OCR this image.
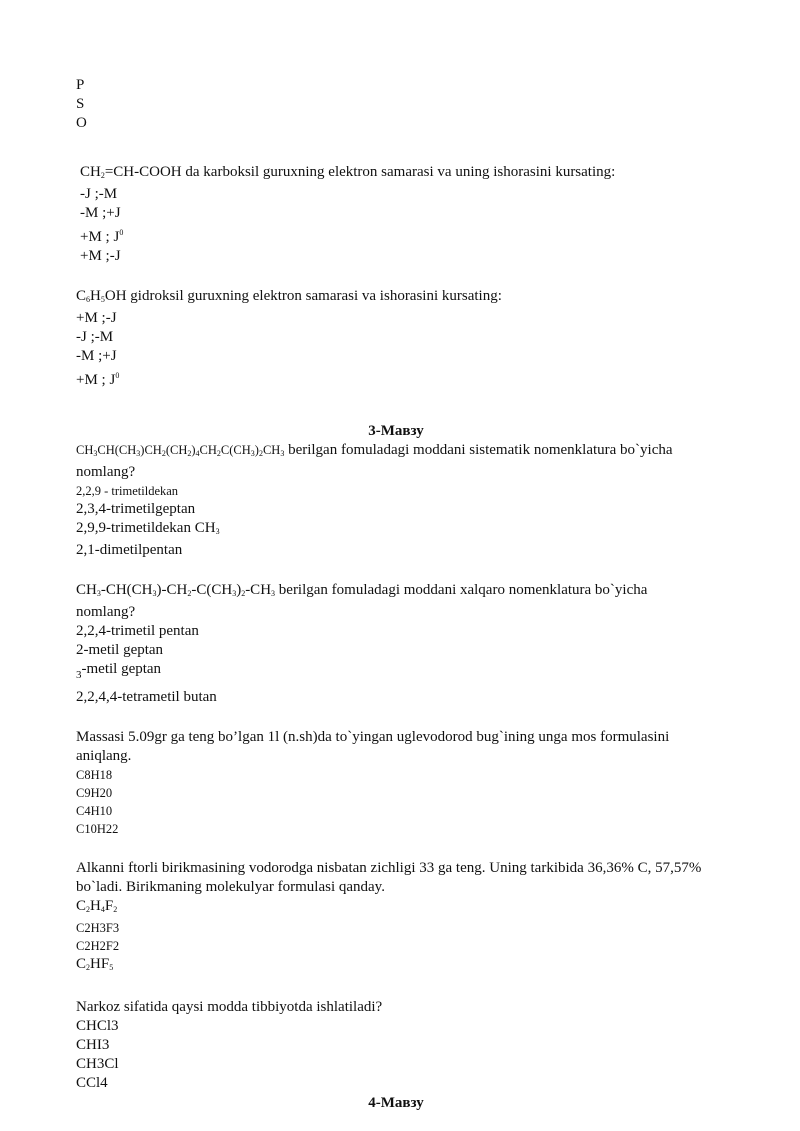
P

S

O

$CH_2=CH$-COOH da karboksil guruxning elektron samarasi va uning ishorasini kursating:

-J ;-M

-M ;+J

+M ; $J^0$

+M ;-J

$C_6H_5OH$ gidroksil guruxning elektron samarasi va ishorasini kursating:

+M ;-J

-J ;-M

-M ;+J

+M ; $J^0$

3-Мавзу

$CH_3CH(CH_3)CH_2(CH_2)_4CH_2C(CH_3)_2CH_3$ berilgan fomuladagi moddani sistematik nomenklatura bo`yicha

nomlang?

2,2,9 - trimetildekan

2,3,4-trimetilgeptan

2,9,9-trimetildekan $CH_3$

2,1-dimetilpentan

$CH_3-CH(CH_3)-CH_2-C(CH_3)_2-CH_3$ berilgan fomuladagi moddani xalqaro nomenklatura bo`yicha

nomlang?

2,2,4-trimetil pentan

2-metil geptan

$_3$-metil geptan

2,2,4,4-tetrametil butan

Massasi 5.09gr ga teng bo’lgan 1l (n.sh)da to`yingan uglevodorod bug`ining unga mos formulasini aniqlang.

C8H18

C9H20

C4H10

C10H22

Alkanni ftorli birikmasining vodorodga nisbatan zichligi 33 ga teng. Uning tarkibida 36,36% C, 57,57% bo`ladi. Birikmaning molekulyar formulasi qanday.

$C_2H_4F_2$

C2H3F3

C2H2F2

$C_2HF_5$

Narkoz sifatida qaysi modda tibbiyotda ishlatiladi?

CHCl3

CHI3

CH3Cl

CCl4

4-Мавзу
